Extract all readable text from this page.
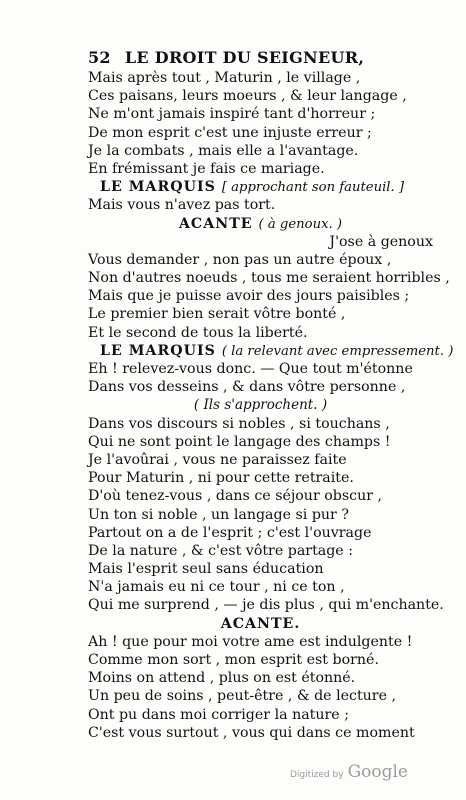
52 LE DROIT DU SEIGNEUR,
Mais après tout , Maturin , le village ,
Ces paisans, leurs moeurs , & leur langage ,
Ne m'ont jamais inspiré tant d'horreur ;
De mon esprit c'est une injuste erreur ;
Je la combats , mais elle a l'avantage.
En frémissant je fais ce mariage.
LE MARQUIS [ approchant son fauteuil. ]
Mais vous n'avez pas tort.
ACANTE ( à genoux. )
J'ose à genoux
Vous demander , non pas un autre époux ,
Non d'autres noeuds , tous me seraient horribles ,
Mais que je puisse avoir des jours paisibles ;
Le premier bien serait vôtre bonté ,
Et le second de tous la liberté.
LE MARQUIS ( la relevant avec empressement. )
Eh ! relevez-vous donc. — Que tout m'étonne
Dans vos desseins , & dans vôtre personne ,
( Ils s'approchent. )
Dans vos discours si nobles , si touchans ,
Qui ne sont point le langage des champs !
Je l'avoûrai , vous ne paraissez faite
Pour Maturin , ni pour cette retraite.
D'où tenez-vous , dans ce séjour obscur ,
Un ton si noble , un langage si pur ?
Partout on a de l'esprit ; c'est l'ouvrage
De la nature , & c'est vôtre partage :
Mais l'esprit seul sans éducation
N'a jamais eu ni ce tour , ni ce ton ,
Qui me surprend , — je dis plus , qui m'enchante.
ACANTE.
Ah ! que pour moi votre ame est indulgente !
Comme mon sort , mon esprit est borné.
Moins on attend , plus on est étonné.
Un peu de soins , peut-être , & de lecture ,
Ont pu dans moi corriger la nature ;
C'est vous surtout , vous qui dans ce moment
Digitized by Google
